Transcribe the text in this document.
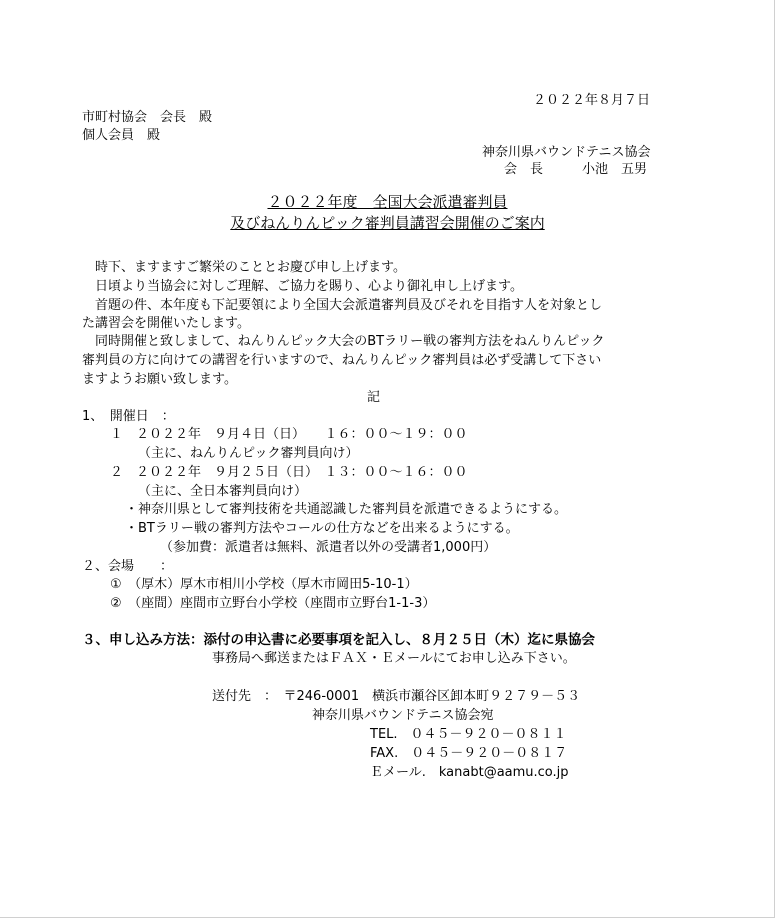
２０２２年８月７日

市町村協会　会長　殿

個人会員　殿

神奈川県バウンドテニス協会

会　長　　　小池　五男

２０２２年度　全国大会派遣審判員
及びねんりんピック審判員講習会開催のご案内

　時下、ますますご繁栄のこととお慶び申し上げます。

　日頃より当協会に対しご理解、ご協力を賜り、心より御礼申し上げます。

　首題の件、本年度も下記要領により全国大会派遣審判員及びそれを目指す人を対象とし

た講習会を開催いたします。

　同時開催と致しまして、ねんりんピック大会のBTラリー戦の審判方法をねんりんピック

審判員の方に向けての講習を行いますので、ねんりんピック審判員は必ず受講して下さい

ますようお願い致します。

記

1、　開催日　：

１　２０２２年　９月４日（日）　　１６：００～１９：００

（主に、ねんりんピック審判員向け）

２　２０２２年　９月２５日（日）　１３：００～１６：００

（主に、全日本審判員向け）

・神奈川県として審判技術を共通認識した審判員を派遣できるようにする。

・BTラリー戦の審判方法やコールの仕方などを出来るようにする。

（参加費：派遣者は無料、派遣者以外の受講者1,000円）

２、会場　　：

①　（厚木）厚木市相川小学校（厚木市岡田5-10-1）

②　（座間）座間市立野台小学校（座間市立野台1-1-3）

３、申し込み方法：添付の申込書に必要事項を記入し、８月２５日（木）迄に県協会

事務局へ郵送またはＦＡＸ・Ｅメールにてお申し込み下さい。

送付先　：　〒246-0001　横浜市瀬谷区卸本町９２７９－５３

神奈川県バウンドテニス協会宛

TEL.　０４５－９２０－０８１１

FAX.　０４５－９２０－０８１７

Ｅメール.　kanabt@aamu.co.jp
